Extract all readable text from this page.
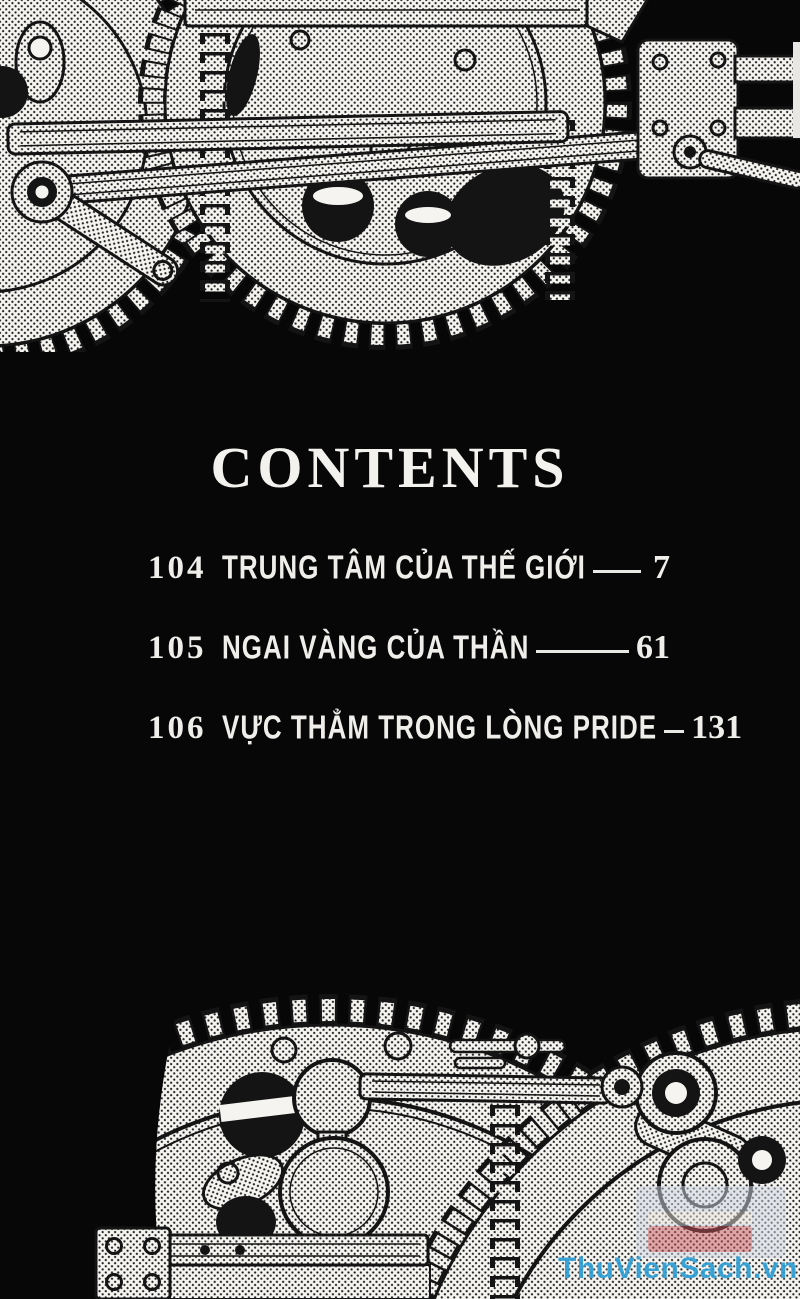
CONTENTS
104 TRUNG TÂM CỦA THẾ GIỚI 7
105 NGAI VÀNG CỦA THẦN	61
106 VỰC THẲM TRONG LÒNG PRIDE 131
ThuVienSach.vn
